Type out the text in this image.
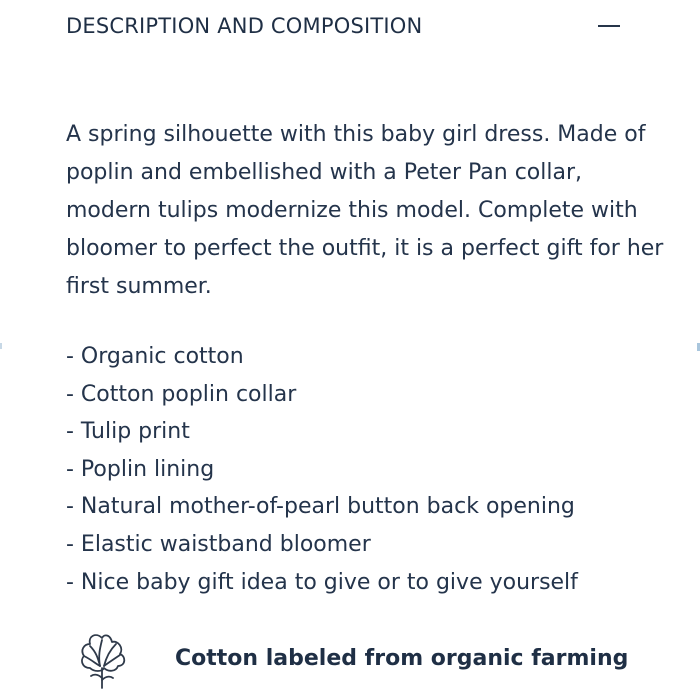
DESCRIPTION AND COMPOSITION

A spring silhouette with this baby girl dress. Made of poplin and embellished with a Peter Pan collar, modern tulips modernize this model. Complete with bloomer to perfect the outfit, it is a perfect gift for her first summer.

- Organic cotton
- Cotton poplin collar
- Tulip print
- Poplin lining
- Natural mother-of-pearl button back opening
- Elastic waistband bloomer
- Nice baby gift idea to give or to give yourself
Cotton labeled from organic farming
